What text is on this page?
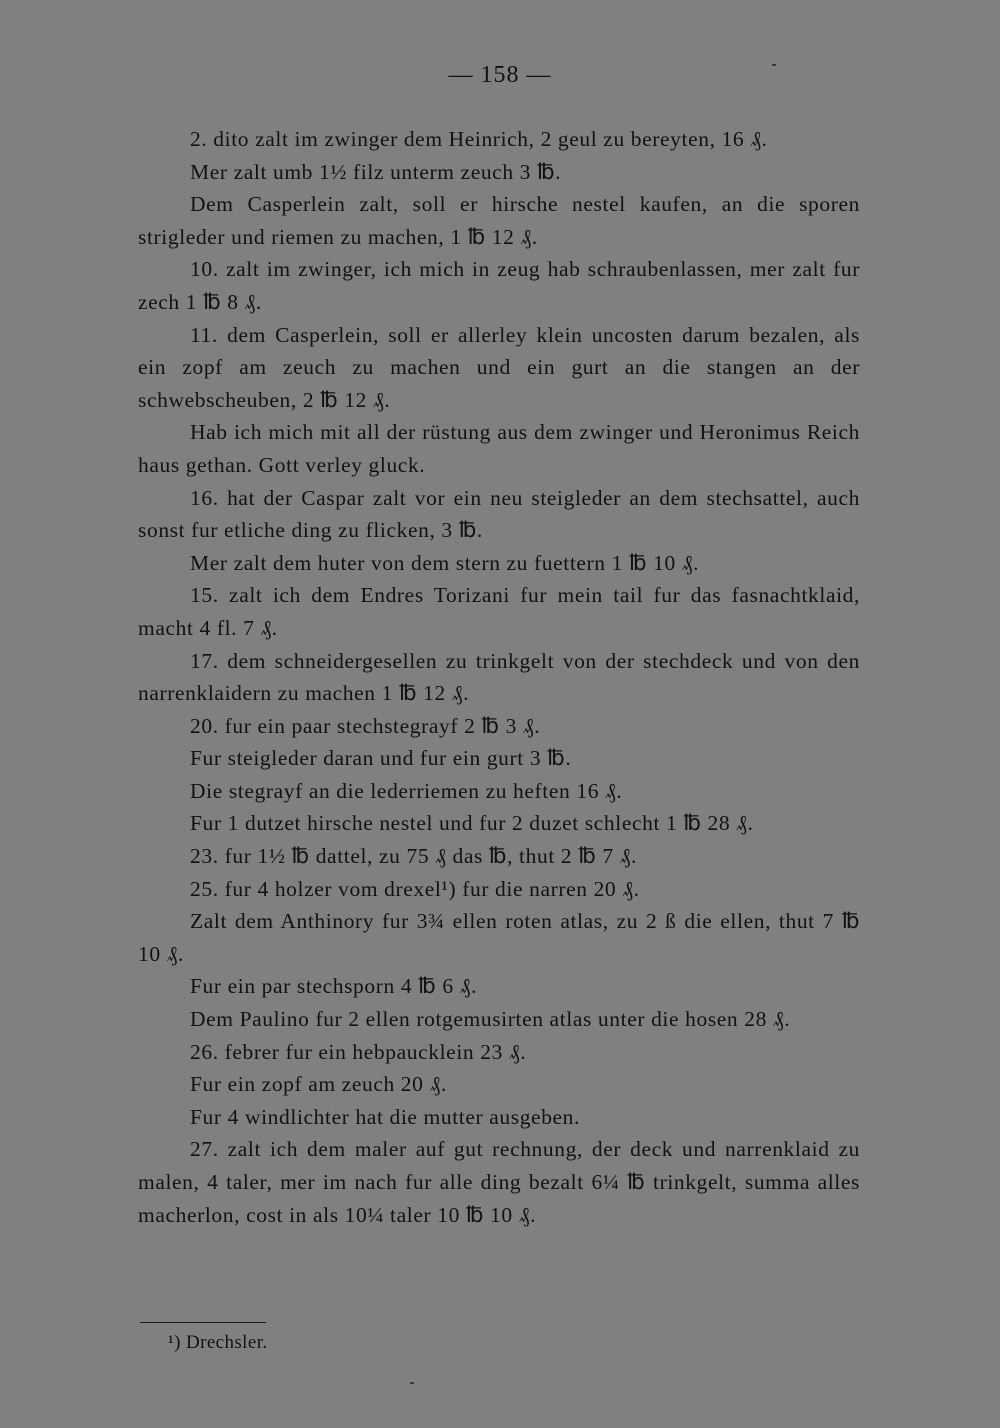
— 158 —

2. dito zalt im zwinger dem Heinrich, 2 geul zu bereyten, 16 ₰.

Mer zalt umb 1½ filz unterm zeuch 3 ℔.

Dem Casperlein zalt, soll er hirsche nestel kaufen, an die sporen strigleder und riemen zu machen, 1 ℔ 12 ₰.

10. zalt im zwinger, ich mich in zeug hab schraubenlassen, mer zalt fur zech 1 ℔ 8 ₰.

11. dem Casperlein, soll er allerley klein uncosten darum bezalen, als ein zopf am zeuch zu machen und ein gurt an die stangen an der schwebscheuben, 2 ℔ 12 ₰.

Hab ich mich mit all der rüstung aus dem zwinger und Heronimus Reich haus gethan. Gott verley gluck.

16. hat der Caspar zalt vor ein neu steigleder an dem stechsattel, auch sonst fur etliche ding zu flicken, 3 ℔.

Mer zalt dem huter von dem stern zu fuettern 1 ℔ 10 ₰.

15. zalt ich dem Endres Torizani fur mein tail fur das fasnachtklaid, macht 4 fl. 7 ₰.

17. dem schneidergesellen zu trinkgelt von der stechdeck und von den narrenklaidern zu machen 1 ℔ 12 ₰.

20. fur ein paar stechstegrayf 2 ℔ 3 ₰.

Fur steigleder daran und fur ein gurt 3 ℔.

Die stegrayf an die lederriemen zu heften 16 ₰.

Fur 1 dutzet hirsche nestel und fur 2 duzet schlecht 1 ℔ 28 ₰.

23. fur 1½ ℔ dattel, zu 75 ₰ das ℔, thut 2 ℔ 7 ₰.

25. fur 4 holzer vom drexel¹) fur die narren 20 ₰.

Zalt dem Anthinory fur 3¾ ellen roten atlas, zu 2 ß die ellen, thut 7 ℔ 10 ₰.

Fur ein par stechsporn 4 ℔ 6 ₰.

Dem Paulino fur 2 ellen rotgemusirten atlas unter die hosen 28 ₰.

26. febrer fur ein hebpaucklein 23 ₰.

Fur ein zopf am zeuch 20 ₰.

Fur 4 windlichter hat die mutter ausgeben.

27. zalt ich dem maler auf gut rechnung, der deck und narrenklaid zu malen, 4 taler, mer im nach fur alle ding bezalt 6¼ ℔ trinkgelt, summa alles macherlon, cost in als 10¼ taler 10 ℔ 10 ₰.

¹) Drechsler.
